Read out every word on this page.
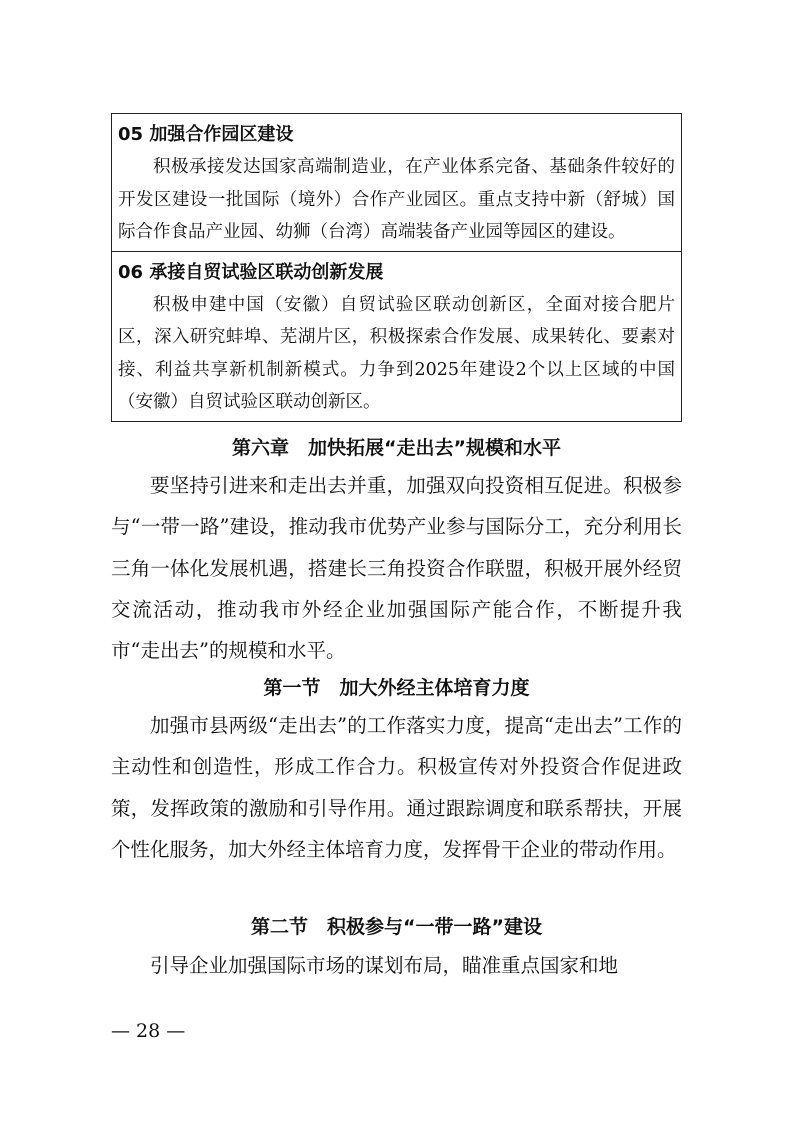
05 加强合作园区建设
积极承接发达国家高端制造业，在产业体系完备、基础条件较好的开发区建设一批国际（境外）合作产业园区。重点支持中新（舒城）国际合作食品产业园、幼狮（台湾）高端装备产业园等园区的建设。
06 承接自贸试验区联动创新发展
积极申建中国（安徽）自贸试验区联动创新区，全面对接合肥片区，深入研究蚌埠、芜湖片区，积极探索合作发展、成果转化、要素对接、利益共享新机制新模式。力争到2025年建设2个以上区域的中国（安徽）自贸试验区联动创新区。
第六章　加快拓展“走出去”规模和水平
要坚持引进来和走出去并重，加强双向投资相互促进。积极参与“一带一路”建设，推动我市优势产业参与国际分工，充分利用长三角一体化发展机遇，搭建长三角投资合作联盟，积极开展外经贸交流活动，推动我市外经企业加强国际产能合作，不断提升我市“走出去”的规模和水平。
第一节　加大外经主体培育力度
加强市县两级“走出去”的工作落实力度，提高“走出去”工作的主动性和创造性，形成工作合力。积极宣传对外投资合作促进政策，发挥政策的激励和引导作用。通过跟踪调度和联系帮扶，开展个性化服务，加大外经主体培育力度，发挥骨干企业的带动作用。
第二节　积极参与“一带一路”建设
引导企业加强国际市场的谋划布局，瞄准重点国家和地
— 28 —
